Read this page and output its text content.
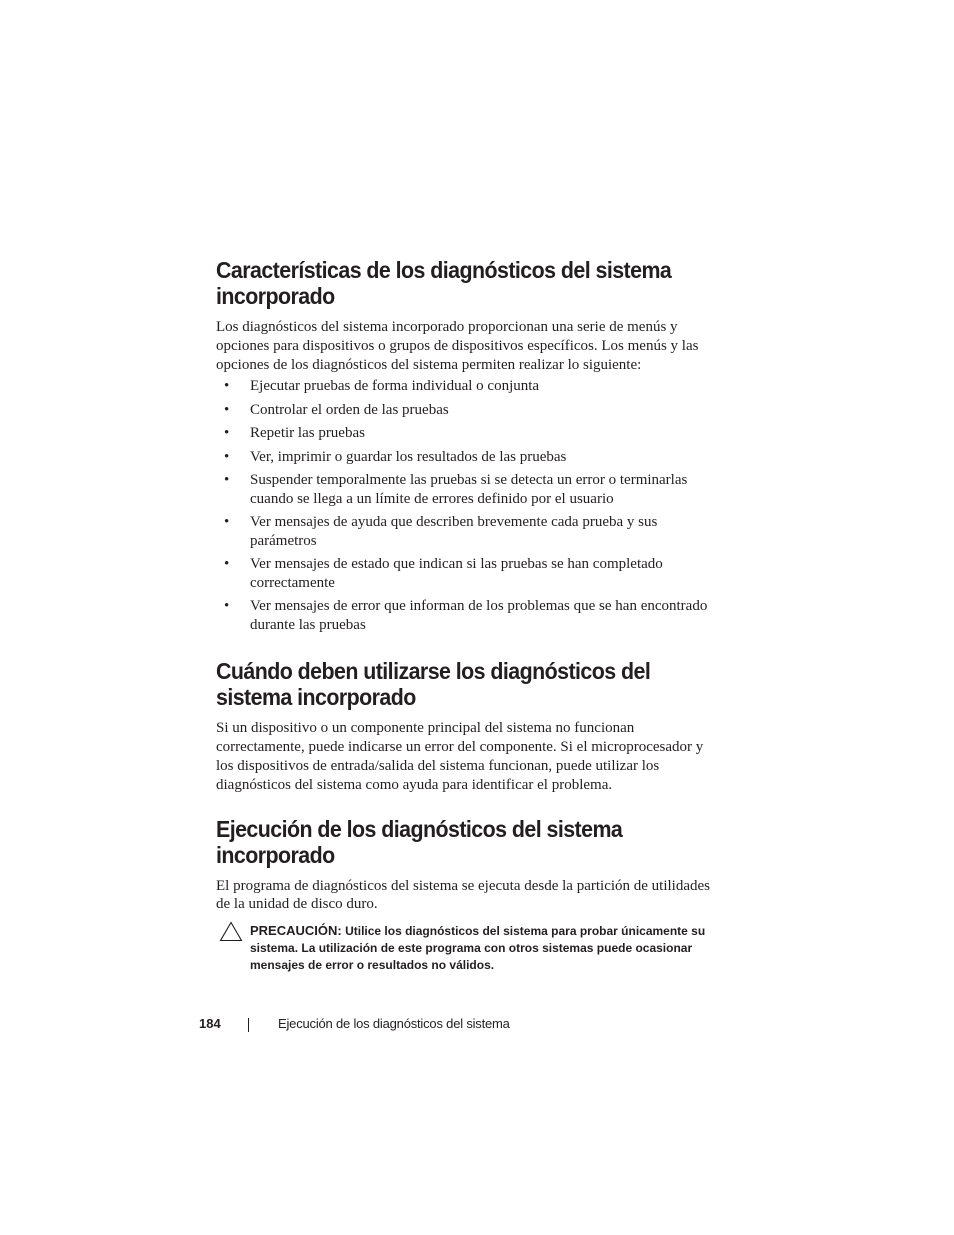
Características de los diagnósticos del sistema incorporado

Los diagnósticos del sistema incorporado proporcionan una serie de menús y opciones para dispositivos o grupos de dispositivos específicos. Los menús y las opciones de los diagnósticos del sistema permiten realizar lo siguiente:

• Ejecutar pruebas de forma individual o conjunta
• Controlar el orden de las pruebas
• Repetir las pruebas
• Ver, imprimir o guardar los resultados de las pruebas
• Suspender temporalmente las pruebas si se detecta un error o terminarlas cuando se llega a un límite de errores definido por el usuario
• Ver mensajes de ayuda que describen brevemente cada prueba y sus parámetros
• Ver mensajes de estado que indican si las pruebas se han completado correctamente
• Ver mensajes de error que informan de los problemas que se han encontrado durante las pruebas
Cuándo deben utilizarse los diagnósticos del sistema incorporado

Si un dispositivo o un componente principal del sistema no funcionan correctamente, puede indicarse un error del componente. Si el microprocesador y los dispositivos de entrada/salida del sistema funcionan, puede utilizar los diagnósticos del sistema como ayuda para identificar el problema.

Ejecución de los diagnósticos del sistema incorporado

El programa de diagnósticos del sistema se ejecuta desde la partición de utilidades de la unidad de disco duro.

PRECAUCIÓN: Utilice los diagnósticos del sistema para probar únicamente su sistema. La utilización de este programa con otros sistemas puede ocasionar mensajes de error o resultados no válidos.
184	Ejecución de los diagnósticos del sistema
